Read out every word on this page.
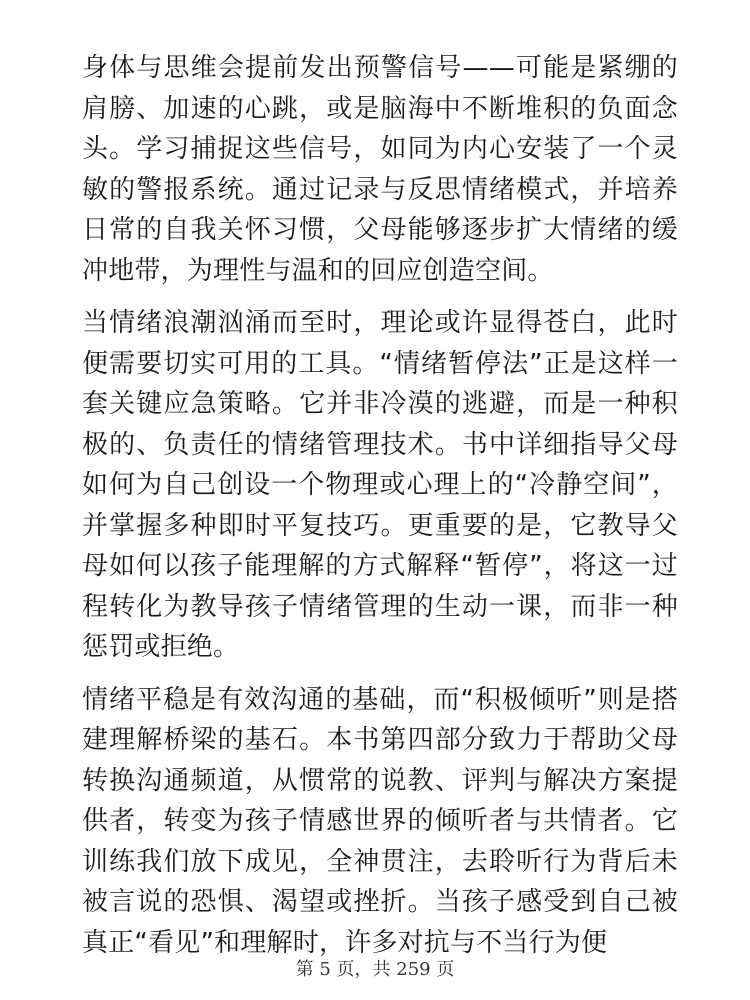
身体与思维会提前发出预警信号——可能是紧绷的肩膀、加速的心跳，或是脑海中不断堆积的负面念头。学习捕捉这些信号，如同为内心安装了一个灵敏的警报系统。通过记录与反思情绪模式，并培养日常的自我关怀习惯，父母能够逐步扩大情绪的缓冲地带，为理性与温和的回应创造空间。

当情绪浪潮汹涌而至时，理论或许显得苍白，此时便需要切实可用的工具。“情绪暂停法”正是这样一套关键应急策略。它并非冷漠的逃避，而是一种积极的、负责任的情绪管理技术。书中详细指导父母如何为自己创设一个物理或心理上的“冷静空间”，并掌握多种即时平复技巧。更重要的是，它教导父母如何以孩子能理解的方式解释“暂停”，将这一过程转化为教导孩子情绪管理的生动一课，而非一种惩罚或拒绝。

情绪平稳是有效沟通的基础，而“积极倾听”则是搭建理解桥梁的基石。本书第四部分致力于帮助父母转换沟通频道，从惯常的说教、评判与解决方案提供者，转变为孩子情感世界的倾听者与共情者。它训练我们放下成见，全神贯注，去聆听行为背后未被言说的恐惧、渴望或挫折。当孩子感受到自己被真正“看见”和理解时，许多对抗与不当行为便

第 5 页，共 259 页
